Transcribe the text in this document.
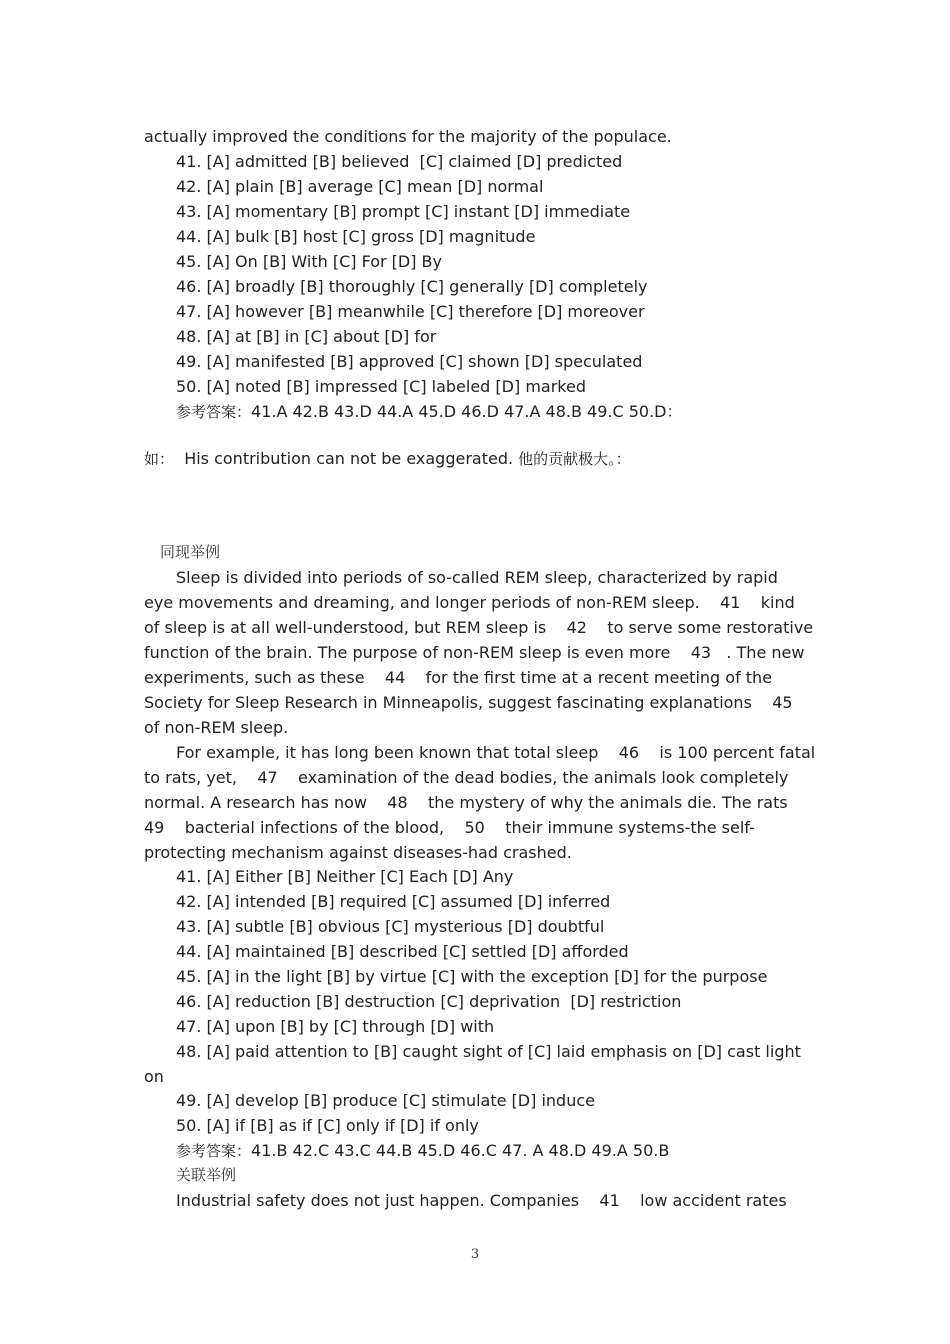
actually improved the conditions for the majority of the populace.

41. [A] admitted [B] believed  [C] claimed [D] predicted

42. [A] plain [B] average [C] mean [D] normal

43. [A] momentary [B] prompt [C] instant [D] immediate

44. [A] bulk [B] host [C] gross [D] magnitude

45. [A] On [B] With [C] For [D] By

46. [A] broadly [B] thoroughly [C] generally [D] completely

47. [A] however [B] meanwhile [C] therefore [D] moreover

48. [A] at [B] in [C] about [D] for

49. [A] manifested [B] approved [C] shown [D] speculated

50. [A] noted [B] impressed [C] labeled [D] marked

参考答案：41.A 42.B 43.D 44.A 45.D 46.D 47.A 48.B 49.C 50.D：

如：  His contribution can not be exaggerated. 他的贡献极大。：

同现举例

Sleep is divided into periods of so-called REM sleep, characterized by rapid

eye movements and dreaming, and longer periods of non-REM sleep.    41    kind

of sleep is at all well-understood, but REM sleep is    42    to serve some restorative

function of the brain. The purpose of non-REM sleep is even more    43   . The new

experiments, such as these    44    for the first time at a recent meeting of the

Society for Sleep Research in Minneapolis, suggest fascinating explanations    45

of non-REM sleep.

For example, it has long been known that total sleep    46    is 100 percent fatal

to rats, yet,    47    examination of the dead bodies, the animals look completely

normal. A research has now    48    the mystery of why the animals die. The rats

49    bacterial infections of the blood,    50    their immune systems-the self-

protecting mechanism against diseases-had crashed.

41. [A] Either [B] Neither [C] Each [D] Any

42. [A] intended [B] required [C] assumed [D] inferred

43. [A] subtle [B] obvious [C] mysterious [D] doubtful

44. [A] maintained [B] described [C] settled [D] afforded

45. [A] in the light [B] by virtue [C] with the exception [D] for the purpose

46. [A] reduction [B] destruction [C] deprivation  [D] restriction

47. [A] upon [B] by [C] through [D] with

48. [A] paid attention to [B] caught sight of [C] laid emphasis on [D] cast light

on

49. [A] develop [B] produce [C] stimulate [D] induce

50. [A] if [B] as if [C] only if [D] if only

参考答案：41.B 42.C 43.C 44.B 45.D 46.C 47. A 48.D 49.A 50.B

关联举例

Industrial safety does not just happen. Companies    41    low accident rates

3
